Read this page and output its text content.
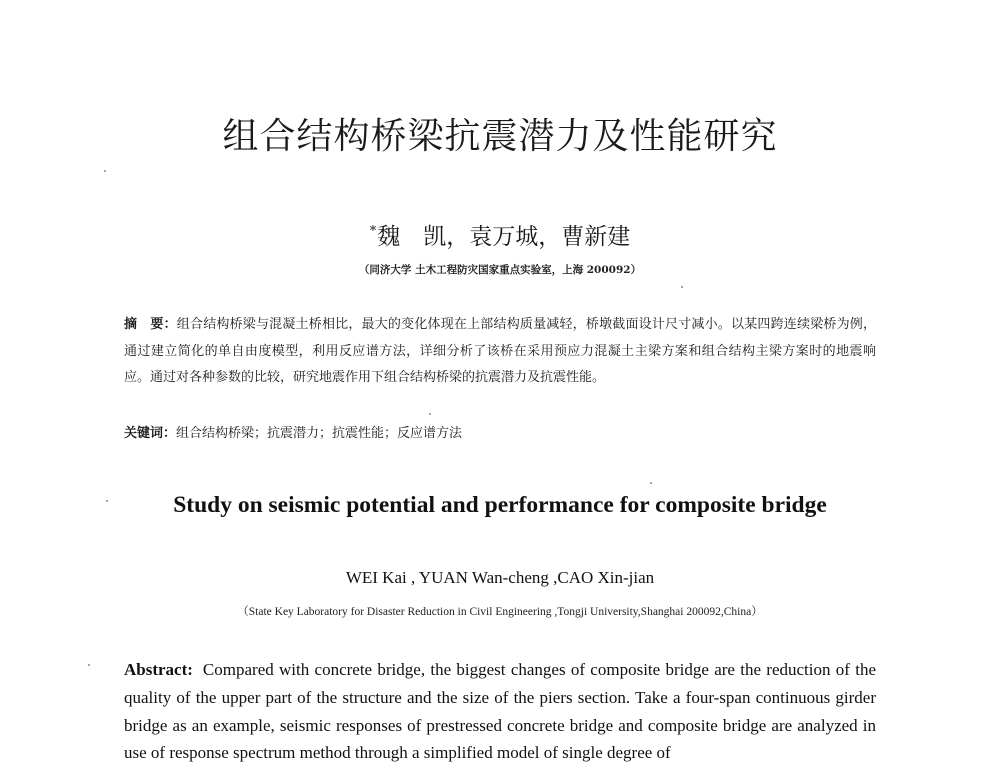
组合结构桥梁抗震潜力及性能研究
*魏　凯，袁万城，曹新建
（同济大学 土木工程防灾国家重点实验室，上海 200092）
摘　要：组合结构桥梁与混凝土桥相比，最大的变化体现在上部结构质量减轻，桥墩截面设计尺寸减小。以某四跨连续梁桥为例，通过建立简化的单自由度模型，利用反应谱方法，详细分析了该桥在采用预应力混凝土主梁方案和组合结构主梁方案时的地震响应。通过对各种参数的比较，研究地震作用下组合结构桥梁的抗震潜力及抗震性能。
关键词：组合结构桥梁；抗震潜力；抗震性能；反应谱方法
Study on seismic potential and performance for composite bridge
WEI Kai , YUAN Wan-cheng ,CAO Xin-jian
（State Key Laboratory for Disaster Reduction in Civil Engineering ,Tongji University,Shanghai 200092,China）
Abstract: Compared with concrete bridge, the biggest changes of composite bridge are the reduction of the quality of the upper part of the structure and the size of the piers section. Take a four-span continuous girder bridge as an example, seismic responses of prestressed concrete bridge and composite bridge are analyzed in use of response spectrum method through a simplified model of single degree of
